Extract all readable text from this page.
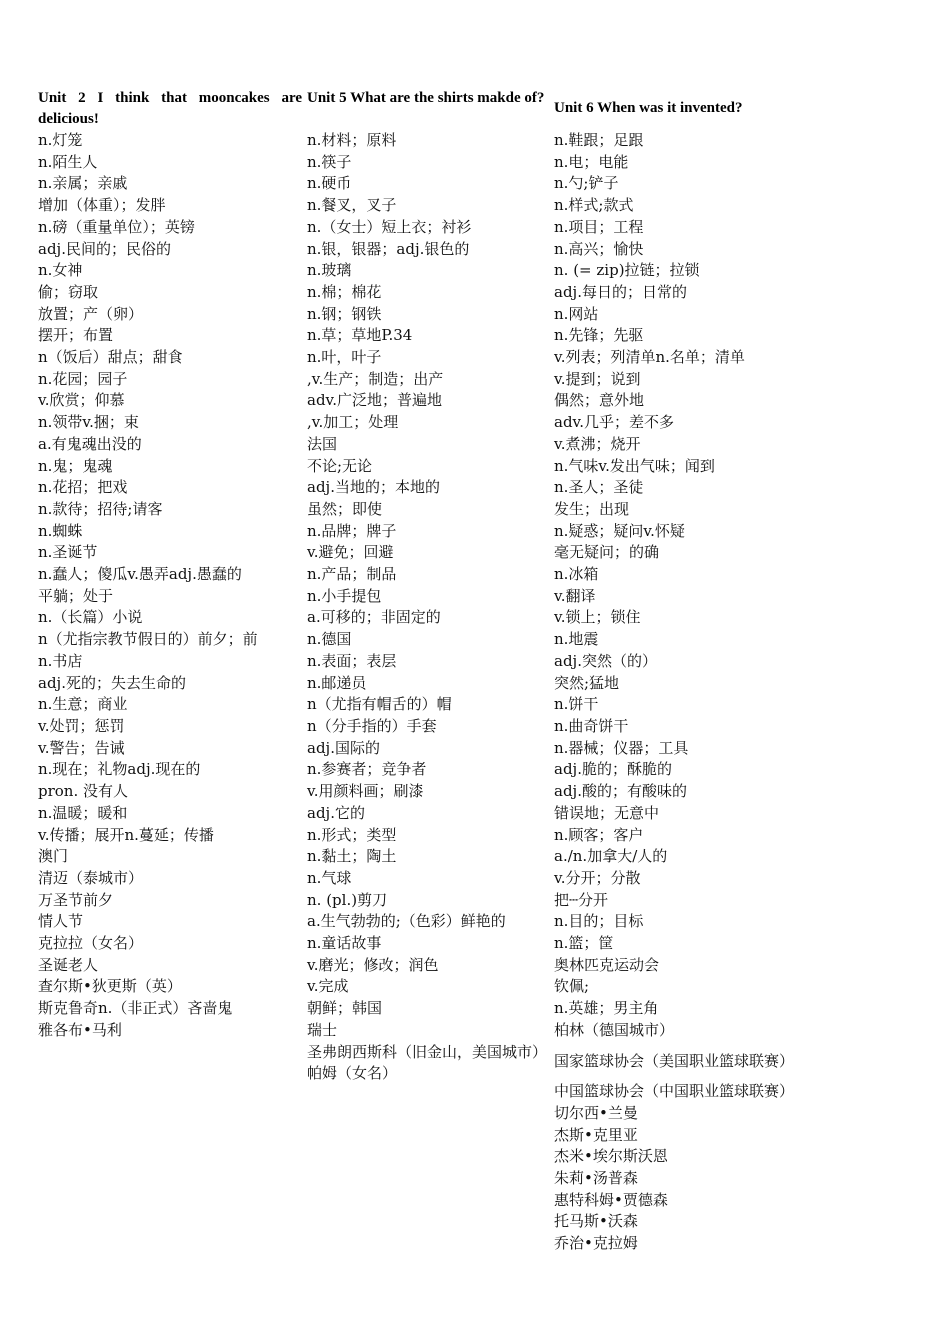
Unit 2 I think that mooncakes are delicious!
n.灯笼
n.陌生人
n.亲属；亲戚
增加（体重）；发胖
n.磅（重量单位）；英镑
adj.民间的；民俗的
n.女神
偷；窃取
放置；产（卵）
摆开；布置
n（饭后）甜点；甜食
n.花园；园子
v.欣赏；仰慕
n.领带v.捆；束
a.有鬼魂出没的
n.鬼；鬼魂
n.花招；把戏
n.款待；招待;请客
n.蜘蛛
n.圣诞节
n.蠢人；傻瓜v.愚弄adj.愚蠢的
平躺；处于
n.（长篇）小说
n（尤指宗教节假日的）前夕；前
n.书店
adj.死的；失去生命的
n.生意；商业
v.处罚；惩罚
v.警告；告诫
n.现在；礼物adj.现在的
pron. 没有人
n.温暖；暖和
v.传播；展开n.蔓延；传播
澳门
清迈（泰城市）
万圣节前夕
情人节
克拉拉（女名）
圣诞老人
查尔斯•狄更斯（英）
斯克鲁奇n.（非正式）吝啬鬼
雅各布•马利
Unit 5 What are the shirts makde of?
n.材料；原料
n.筷子
n.硬币
n.餐叉，叉子
n.（女士）短上衣；衬衫
n.银，银器；adj.银色的
n.玻璃
n.棉；棉花
n.钢；钢铁
n.草；草地P.34
n.叶，叶子
,v.生产；制造；出产
adv.广泛地；普遍地
,v.加工；处理
法国
不论;无论
adj.当地的；本地的
虽然；即使
n.品牌；牌子
v.避免；回避
n.产品；制品
n.小手提包
a.可移的；非固定的
n.德国
n.表面；表层
n.邮递员
n（尤指有帽舌的）帽
n（分手指的）手套
adj.国际的
n.参赛者；竞争者
v.用颜料画；刷漆
adj.它的
n.形式；类型
n.黏土；陶土
n.气球
n. (pl.)剪刀
a.生气勃勃的;（色彩）鲜艳的
n.童话故事
v.磨光；修改；润色
v.完成
朝鲜；韩国
瑞士
圣弗朗西斯科（旧金山，美国城市）
帕姆（女名）
Unit 6 When was it invented?
n.鞋跟；足跟
n.电；电能
n.勺;铲子
n.样式;款式
n.项目；工程
n.高兴；愉快
n. (= zip)拉链；拉锁
adj.每日的；日常的
n.网站
n.先锋；先驱
v.列表；列清单n.名单；清单
v.提到；说到
偶然；意外地
adv.几乎；差不多
v.煮沸；烧开
n.气味v.发出气味；闻到
n.圣人；圣徒
发生；出现
n.疑惑；疑问v.怀疑
毫无疑问；的确
n.冰箱
v.翻译
v.锁上；锁住
n.地震
adj.突然（的）
突然;猛地
n.饼干
n.曲奇饼干
n.器械；仪器；工具
adj.脆的；酥脆的
adj.酸的；有酸味的
错误地；无意中
n.顾客；客户
a./n.加拿大/人的
v.分开；分散
把┄分开
n.目的；目标
n.篮；筐
奥林匹克运动会
钦佩;
n.英雄；男主角
柏林（德国城市）
国家篮球协会（美国职业篮球联赛）
中国篮球协会（中国职业篮球联赛）
切尔西•兰曼
杰斯•克里亚
杰米•埃尔斯沃恩
朱莉•汤普森
惠特科姆•贾德森
托马斯•沃森
乔治•克拉姆
